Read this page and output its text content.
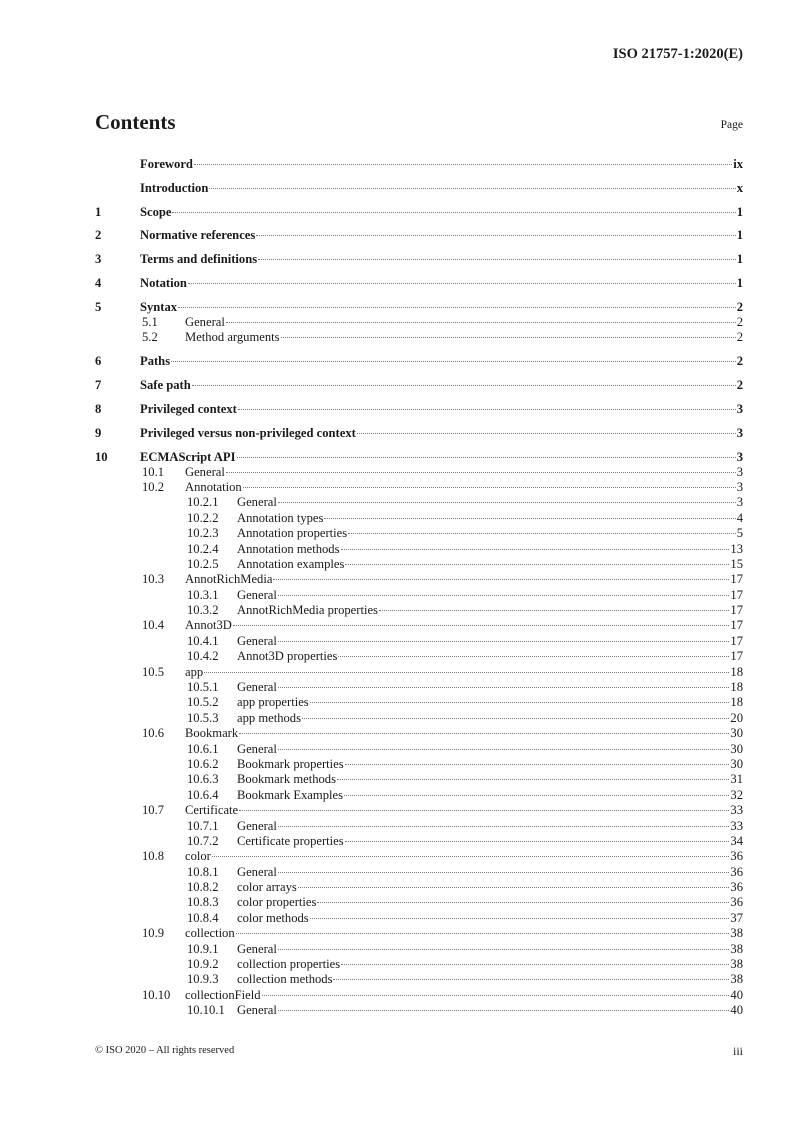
ISO 21757-1:2020(E)
Contents	Page
Foreword	ix
Introduction	x
1	Scope	1
2	Normative references	1
3	Terms and definitions	1
4	Notation	1
5	Syntax	2
5.1	General	2
5.2	Method arguments	2
6	Paths	2
7	Safe path	2
8	Privileged context	3
9	Privileged versus non-privileged context	3
10	ECMAScript API	3
10.1	General	3
10.2	Annotation	3
10.2.1	General	3
10.2.2	Annotation types	4
10.2.3	Annotation properties	5
10.2.4	Annotation methods	13
10.2.5	Annotation examples	15
10.3	AnnotRichMedia	17
10.3.1	General	17
10.3.2	AnnotRichMedia properties	17
10.4	Annot3D	17
10.4.1	General	17
10.4.2	Annot3D properties	17
10.5	app	18
10.5.1	General	18
10.5.2	app properties	18
10.5.3	app methods	20
10.6	Bookmark	30
10.6.1	General	30
10.6.2	Bookmark properties	30
10.6.3	Bookmark methods	31
10.6.4	Bookmark Examples	32
10.7	Certificate	33
10.7.1	General	33
10.7.2	Certificate properties	34
10.8	color	36
10.8.1	General	36
10.8.2	color arrays	36
10.8.3	color properties	36
10.8.4	color methods	37
10.9	collection	38
10.9.1	General	38
10.9.2	collection properties	38
10.9.3	collection methods	38
10.10	collectionField	40
10.10.1 General	40
© ISO 2020 – All rights reserved	iii
